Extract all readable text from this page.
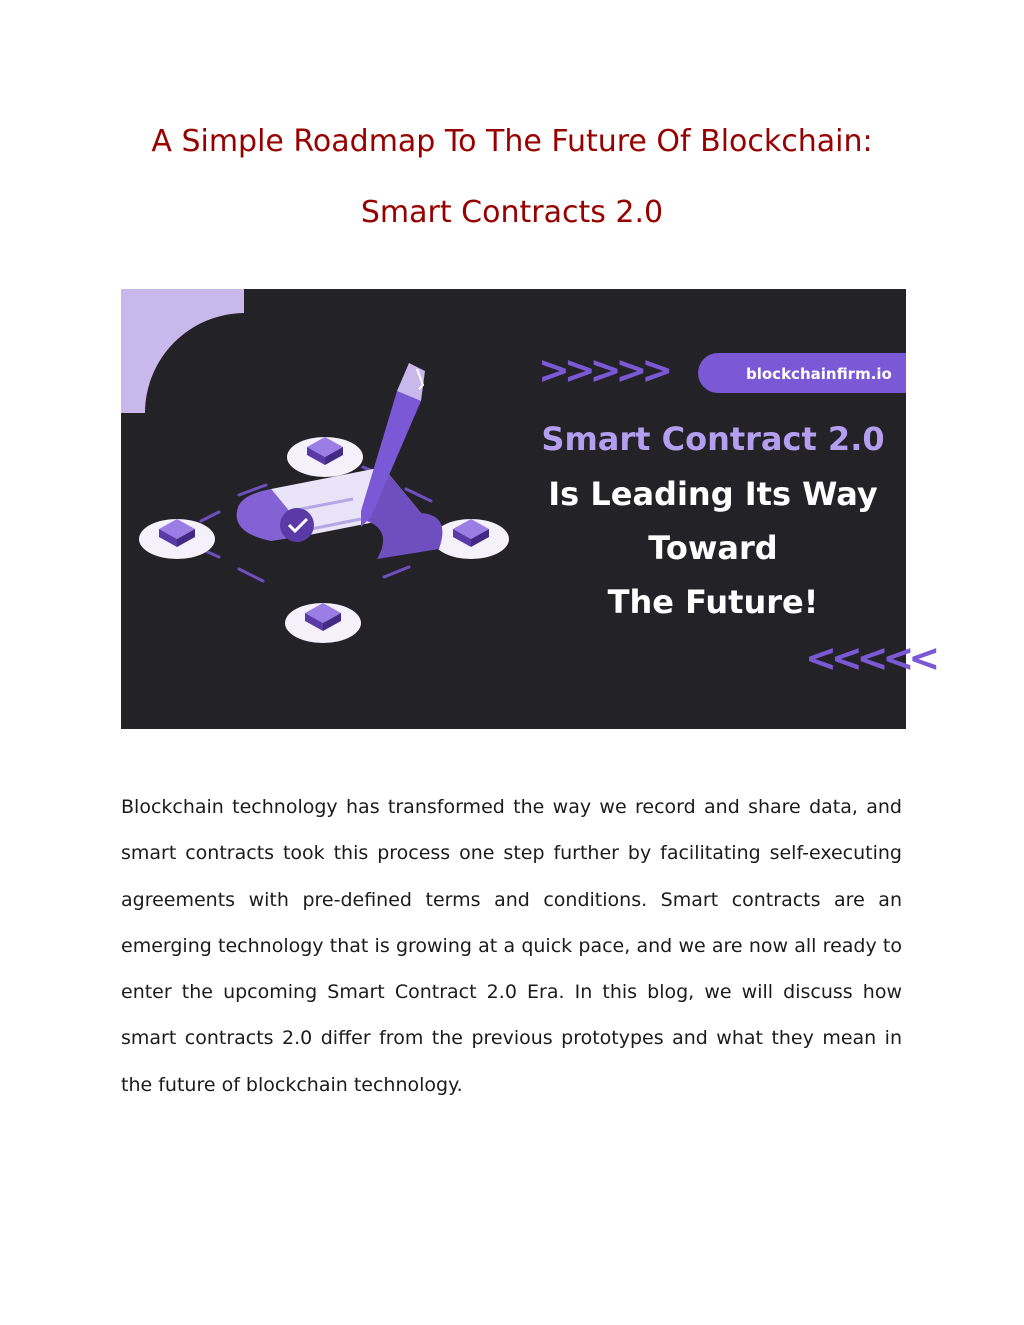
A Simple Roadmap To The Future Of Blockchain:
Smart Contracts 2.0
>>>>>
<<<<<
blockchainfirm.io
Smart Contract 2.0
Is Leading Its Way
Toward
The Future!

Blockchain technology has transformed the way we record and share data, and smart contracts took this process one step further by facilitating self-executing agreements with pre-defined terms and conditions. Smart contracts are an emerging technology that is growing at a quick pace, and we are now all ready to enter the upcoming Smart Contract 2.0 Era. In this blog, we will discuss how smart contracts 2.0 differ from the previous prototypes and what they mean in the future of blockchain technology.
